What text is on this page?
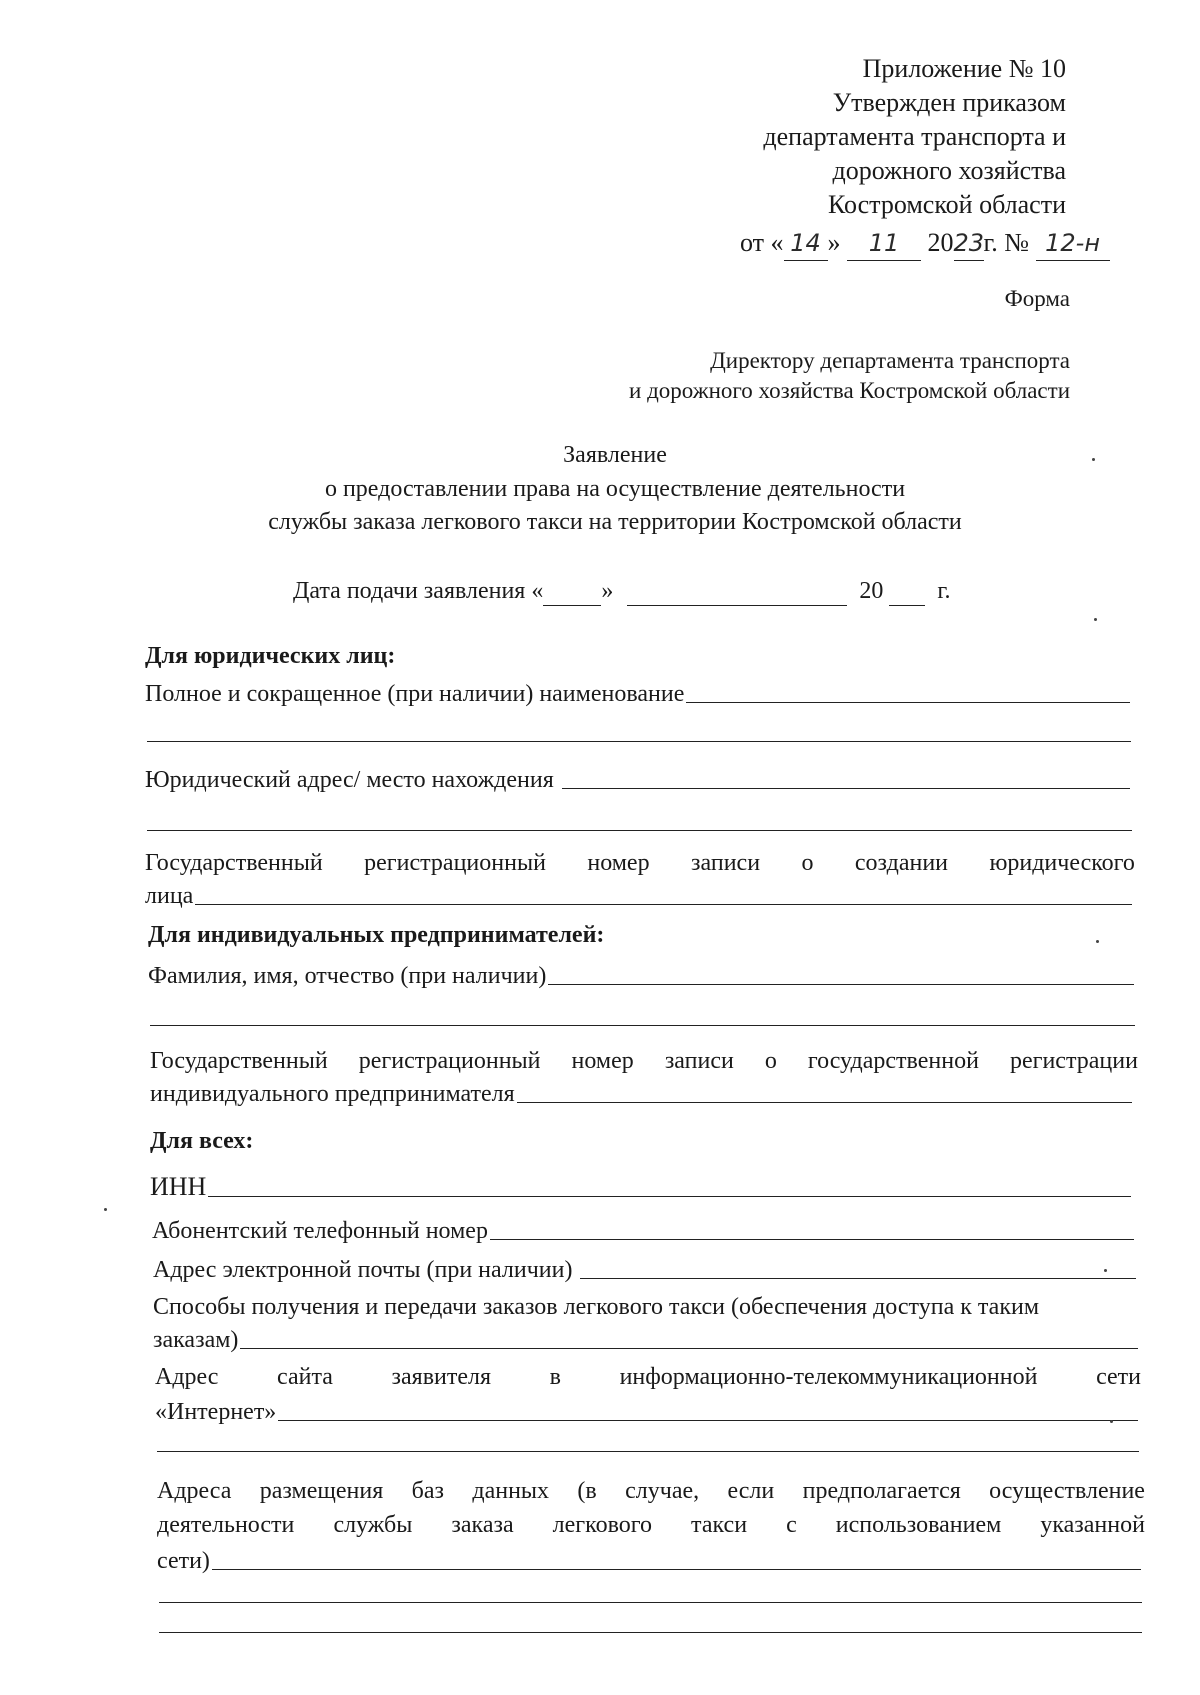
Приложение № 10
Утвержден приказом
департамента транспорта и
дорожного хозяйства
Костромской области
от « 14 » 11 2023г. № 12-н
Форма
Директору департамента транспорта
и дорожного хозяйства Костромской области
Заявление
о предоставлении права на осуществление деятельности
службы заказа легкового такси на территории Костромской области
Дата подачи заявления « »	20 г.
Для юридических лиц:
Полное и сокращенное (при наличии) наименование
Юридический адрес/ место нахождения
Государственный регистрационный номер записи о создании юридического
лица
Для индивидуальных предпринимателей:
Фамилия, имя, отчество (при наличии)
Государственный регистрационный номер записи о государственной регистрации
индивидуального предпринимателя
Для всех:
ИНН
Абонентский телефонный номер
Адрес электронной почты (при наличии)
Способы получения и передачи заказов легкового такси (обеспечения доступа к таким
заказам)
Адрес сайта заявителя в информационно-телекоммуникационной сети
«Интернет»
Адреса размещения баз данных (в случае, если предполагается осуществление
деятельности службы заказа легкового такси с использованием указанной
сети)
